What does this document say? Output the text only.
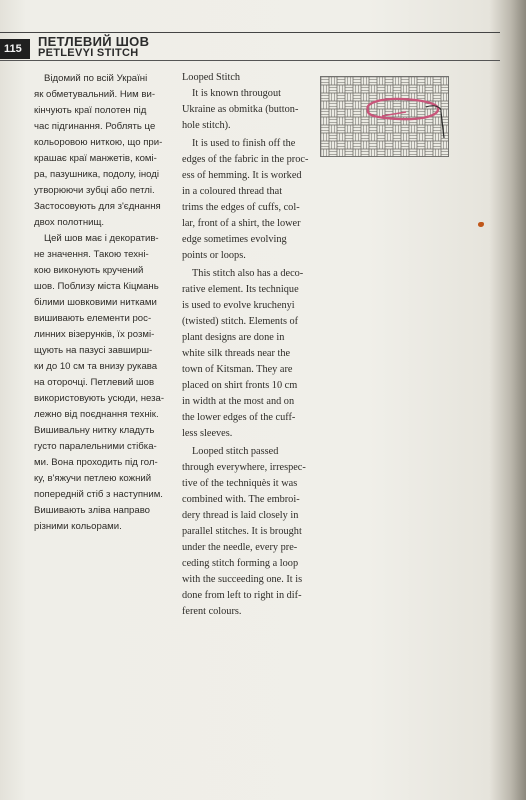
115	ПЕТЛЕВИЙ ШОВ
PETLEVYI STITCH
Відомий по всій Україні
як обметувальний. Ним ви-
кінчують краї полотен під
час підгинання. Роблять це
кольоровою ниткою, що при-
крашає краї манжетів, комі-
ра, пазушника, подолу, іноді
утворюючи зубці або петлі.
Застосовують для з'єднання
двох полотнищ.
Цей шов має і декоратив-
не значення. Такою техні-
кою виконують кручений
шов. Поблизу міста Кіцмань
білими шовковими нитками
вишивають елементи рос-
линних візерунків, їх розмі-
щують на пазусі завширш-
ки до 10 см та внизу рукава
на оторочці. Петлевий шов
використовують усюди, неза-
лежно від поєднання технік.
Вишивальну нитку кладуть
густо паралельними стібка-
ми. Вона проходить під гол-
ку, в'яжучи петлею кожний
попередній стіб з наступним.
Вишивають зліва направо
різними кольорами.
Looped Stitch
It is known througout
Ukraine as obmitka (button-
hole stitch).
It is used to finish off the
edges of the fabric in the proc-
ess of hemming. It is worked
in a coloured thread that
trims the edges of cuffs, col-
lar, front of a shirt, the lower
edge sometimes evolving
points or loops.
This stitch also has a deco-
rative element. Its technique
is used to evolve kruchenyi
(twisted) stitch. Elements of
plant designs are done in
white silk threads near the
town of Kitsman. They are
placed on shirt fronts 10 cm
in width at the most and on
the lower edges of the cuff-
less sleeves.
Looped stitch passed
through everywhere, irrespec-
tive of the techniquès it was
combined with. The embroi-
dery thread is laid closely in
parallel stitches. It is brought
under the needle, every pre-
ceding stitch forming a loop
with the succeeding one. It is
done from left to right in dif-
ferent colours.
